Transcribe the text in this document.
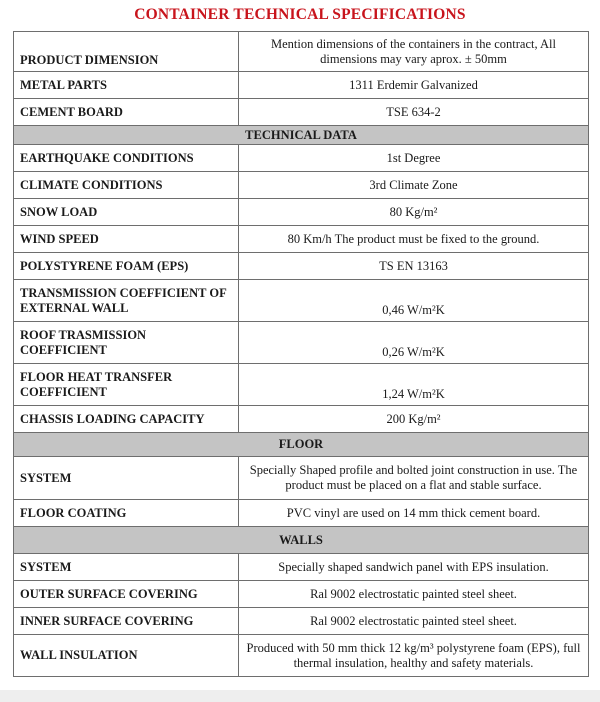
CONTAINER TECHNICAL SPECIFICATIONS
PRODUCT DIMENSION	Mention dimensions of the containers in the contract, All dimensions may vary aprox. ± 50mm
METAL PARTS	1311 Erdemir Galvanized
CEMENT BOARD	TSE 634-2
TECHNICAL DATA	
EARTHQUAKE CONDITIONS	1st Degree
CLIMATE CONDITIONS	3rd Climate Zone
SNOW LOAD	80 Kg/m²
WIND SPEED	80 Km/h The product must be fixed to the ground.
POLYSTYRENE FOAM (EPS)	TS EN 13163
TRANSMISSION COEFFICIENT OF EXTERNAL WALL	0,46 W/m²K
ROOF TRASMISSION COEFFICIENT	0,26 W/m²K
FLOOR HEAT TRANSFER COEFFICIENT	1,24 W/m²K
CHASSIS LOADING CAPACITY	200 Kg/m²
FLOOR	
SYSTEM	Specially Shaped profile and bolted joint construction in use. The product must be placed on a flat and stable surface.
FLOOR COATING	PVC vinyl are used on 14 mm thick cement board.
WALLS	
SYSTEM	Specially shaped sandwich panel with EPS insulation.
OUTER SURFACE COVERING	Ral 9002 electrostatic painted steel sheet.
INNER SURFACE COVERING	Ral 9002 electrostatic painted steel sheet.
WALL INSULATION	Produced with 50 mm thick 12 kg/m³ polystyrene foam (EPS), full thermal insulation, healthy and safety materials.
